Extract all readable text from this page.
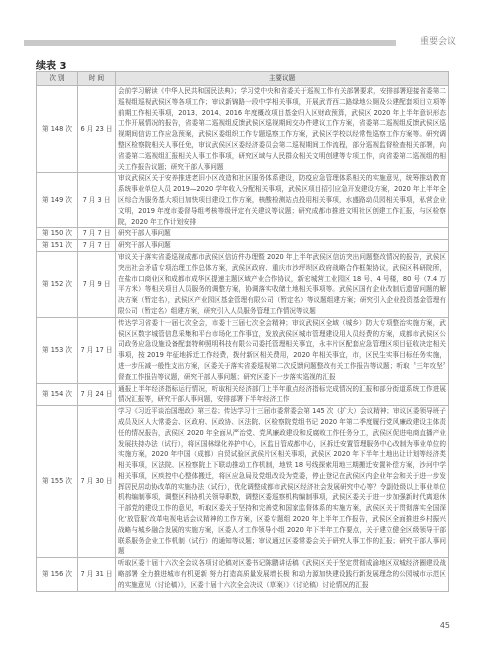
重要会议
续表 3
次 别	时 间	主要议题
第 148 次	6 月 23 日	会前学习解读《中华人民共和国民法典》；学习党中央和省委关于巡视工作有关部署要求，安排部署迎接省委第二巡视组巡视武侯区等各项工作；审议新锦路一段中学相关事项，开展武青西二路绿地公厕及公建配套项目立项等前期工作相关事项，2013、2014、2016 年度概改项目基金归入区财政预算，武侯区 2020 年上半年意识形态工作开展情况的报告，省委第二巡视组反馈武侯区巡视期间交办件建议工作方案，省委第二巡视组反馈武侯区巡视期间信访工作应急预案，武侯区委组织工作专题巡察工作方案，武侯区学校以经常性巡察工作方案等。研究调整区检察院相关人事任免，审议武侯区区委经济委员会第二巡视期间工作流程，部分巡视监督检查相关部署，向省委第二巡视组汇报相关人事工作事项，研究区域与人民群众相关文明创建等专项工作，向省委第二巡视组的相关工作报告议题；研究干部人事问题
第 149 次	7 月 3 日	审议武侯区关于安养推进老旧小区改造和社区服务体系建设，防疫应急管理体系相关的实施意见，统筹推动教育系统事业单位人员 2019—2020 学年收入分配相关事项，武侯区项目招引应急开发建设方案，2020 年上半年全区综合为服务基大项目加快项目建设工作方案，核酸检测站点投用相关事项，水盛路动员园相关事项，私营企业文明，2019 年度市委督导组考核等级评定有关建议等议题；研究成都市推进文明社区创建工作汇报，与区检察院，2020 年工作计划安排
第 150 次	7 月 7 日	研究干部人事问题
第 151 次	7 月 7 日	研究干部人事问题
第 152 次	7 月 9 日	审议关于落实省委巡视成都市武侯区信访件办理暨 2020 年上半年武侯区信访突出问题整改情况的报告，武侯区突出社会矛盾专项治理工作总体方案，武侯区政府、重庆市沙坪坝区政府战略合作框架协议，武侯区科研院所，在盐市口商业区和成都市成华区提速主题区域产业合作协议，新宏城营工业园区 18 号、4 号楼，80 号（7.4 万平方米）等相关项目人员服务的调整方案，协调落实收储土地相关事项等。武侯区国有企业改制后遗留问题的解决方案（暂定名），武侯区产业园区基金管理有限公司（暂定名）等议题组建方案；研究引入企业投资基金管理有限公司（暂定名）组建方案，研究引入人员服务管理工作情况等议题
第 153 次	7 月 17 日	传达学习省委十一届七次全会，市委十三届七次全会精神；审议武侯区全域（城乡）防大专项整治实施方案，武侯区区数字城管信息采集和平台市场化工作事宜，发放武侯区城市管理建设用人员经费的方案，成都市武侯区公司政务应急设施设备配套特种照明科技有限公司委托管理相关事宜，永丰片区配套应急管理区项目征收决定相关事项，按 2019 年征地拆迁工作经费，拨付新区相关费用，2020 年相关事宜，市，区民生实事目标任务实施，进一步压减一般性支出方案，区委关于落实省委巡视第二次反馈问题整改有关工作报告等议题；听取〝三年攻坚〞督查工作报告等议题，研究干部人事问题；研究区委下一步落实巡视的汇报
第 154 次	7 月 24 日	通报上半年经济指标运行情况，听取相关经济部门上半年重点经济指标完成情况的汇报和部分街道系统工作进展情况汇报等，研究干部人事问题，安排部署下半年经济工作
第 155 次	7 月 30 日	学习《习近平谈治国理政》第三卷；传达学习十三届市委常委会第 145 次（扩大）会议精神；审议区委领导班子成员及区人大常委会、区政府、区政协、区法院、区检察院党组书记 2020 年第二季度履行党风廉政建设主体责任的情况报告，武侯区 2020 年全面从严治党、党风廉政建设和反腐败工作任务分工，武侯区促进电商直播产业发展扶持办法（试行），将区国林绿化养护中心，区监日管成都中心，区拆迁安置管理服务中心改制为事业单位的实施方案，2020 年中国（成都）自贸试验区武侯片区相关事项，武侯区 2020 年下半年土地出让计划等经济类相关事项，区法院、区检察院上下联动推动工作机制，地铁 18 号线探索用地三期搬迁安置补偿方案，沙河中学相关事项，区疾控中心整体搬迁，将区应急局及党组改设为党委，停止登记在武侯区内企业年会和关于进一步发挥居民居动协改革的实施办法（试行），优化调整成都市武侯区经济社会发展研究中心等？令副处级以上事业单位机构编制事项，调整区科协机关领导职数，调整区委巡察机构编制事项，武侯区委关于进一步加强新时代离退休干部党的建设工作的意见，听取区委关于坚持和完善党和国家监督体系的实施方案，武侯区关于贯彻落实全国深化‘放管服’改革电视电话会议精神的工作方案，区委专题组 2020 年上半年工作报告，武侯区全面推进乡村振兴战略与城乡融合发展的实施方案，区委人才工作领导小组 2020 年下半年工作要点，关于建立健全区级领导干部联系服务企业工作机制（试行）的通知等议题；审议通过区委常委会关于研究人事工作的汇报；研究干部人事问题
第 156 次	7 月 31 日	听取区委十届十六次全会议各项讨论稿对区委书记陈鹏讲话稿《武侯区关于坚定贯彻成渝地区双城经济圈建设战略部署 全力推进城市有机更新 努力打造高质量发展增长极 和动力源加快建设践行新发展理念的公园城市示范区的实施意见（讨论稿）》，区委十届十六次全会决议（草案）》（讨论稿）讨论情况的汇报
45
